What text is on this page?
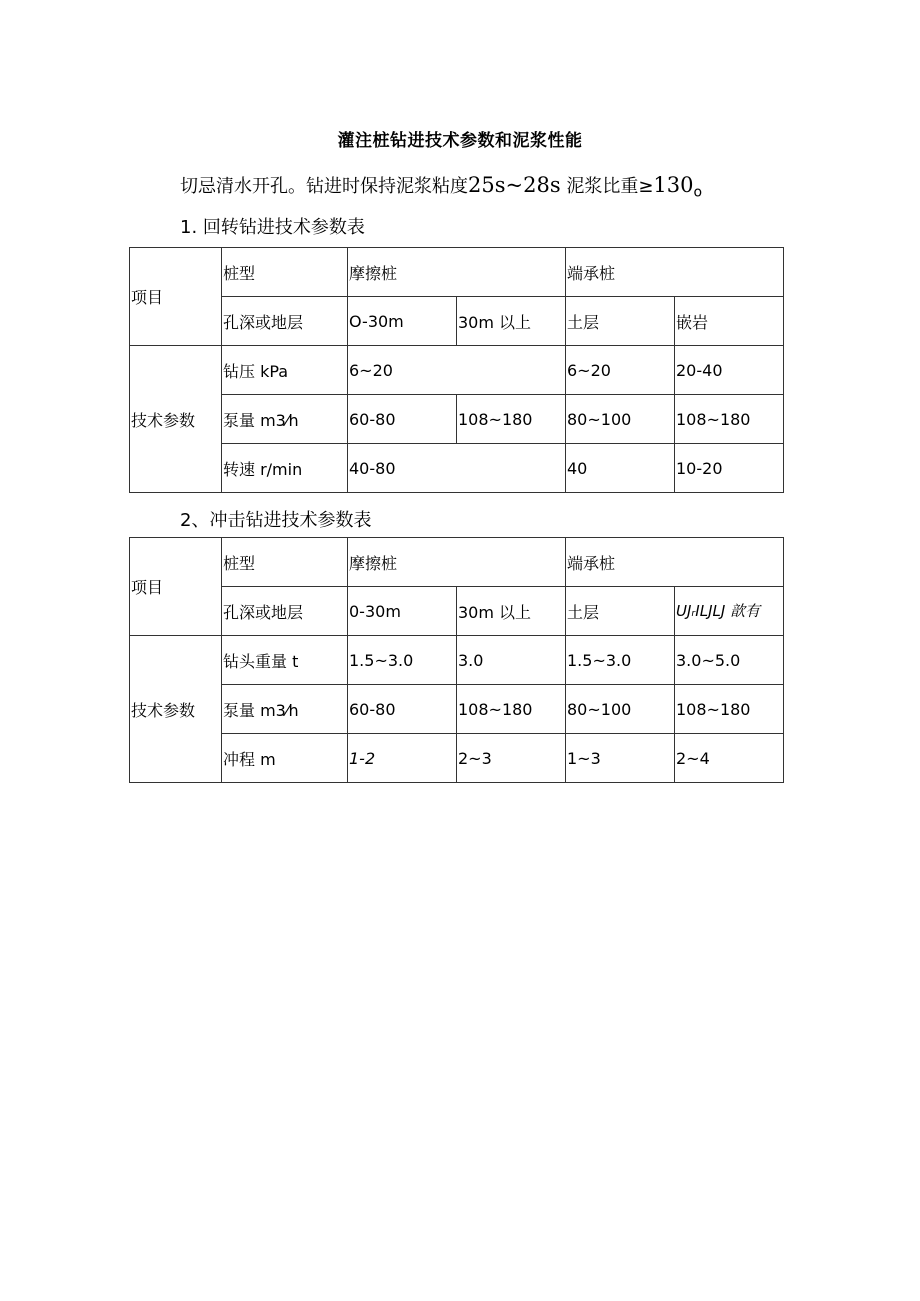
灌注桩钻进技术参数和泥浆性能
切忌清水开孔。钻进时保持泥浆粘度25s~28s 泥浆比重$\ge 130_o$
1. 回转钻进技术参数表
项目	桩型	摩擦桩		端承桩	
	孔深或地层	O-30m	30m 以上	土层	嵌岩
技术参数	钻压 kPa	6~20		6~20	20-40
	泵量 m3⁄h	60-80	108~180	80~100	108~180
	转速 r/min	40-80		40	10-20
2、冲击钻进技术参数表
项目	桩型	摩擦桩		端承桩	
	孔深或地层	0-30m	30m 以上	土层	UJᵣILJLJ 歆有
技术参数	钻头重量 t	1.5~3.0	3.0	1.5~3.0	3.0~5.0
	泵量 m3⁄h	60-80	108~180	80~100	108~180
	冲程 m	1-2	2~3	1~3	2~4
